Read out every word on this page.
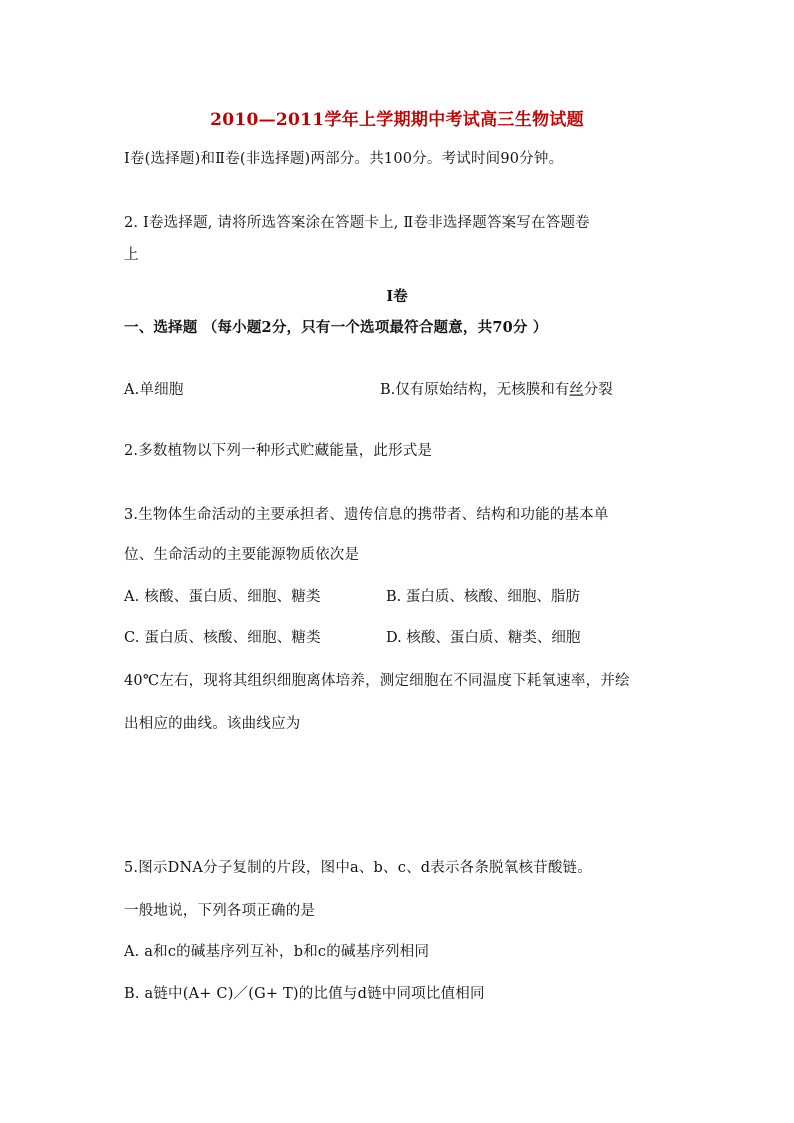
2010—2011学年上学期期中考试高三生物试题
Ⅰ卷(选择题)和Ⅱ卷(非选择题)两部分。共100分。考试时间90分钟。
2. Ⅰ卷选择题, 请将所选答案涂在答题卡上, Ⅱ卷非选择题答案写在答题卷
上
Ⅰ卷
一、选择题 （每小题2分，只有一个选项最符合题意，共70分 ）
A.单细胞	B.仅有原始结构，无核膜和有丝分裂
2.多数植物以下列一种形式贮藏能量，此形式是
3.生物体生命活动的主要承担者、遗传信息的携带者、结构和功能的基本单
位、生命活动的主要能源物质依次是
A. 核酸、蛋白质、细胞、糖类	B. 蛋白质、核酸、细胞、脂肪
C. 蛋白质、核酸、细胞、糖类	D. 核酸、蛋白质、糖类、细胞
40℃左右，现将其组织细胞离体培养，测定细胞在不同温度下耗氧速率，并绘
出相应的曲线。该曲线应为
5.图示DNA分子复制的片段，图中a、b、c、d表示各条脱氧核苷酸链。
一般地说，下列各项正确的是
A. a和c的碱基序列互补，b和c的碱基序列相同
B. a链中(A+ C)／(G+ T)的比值与d链中同项比值相同
